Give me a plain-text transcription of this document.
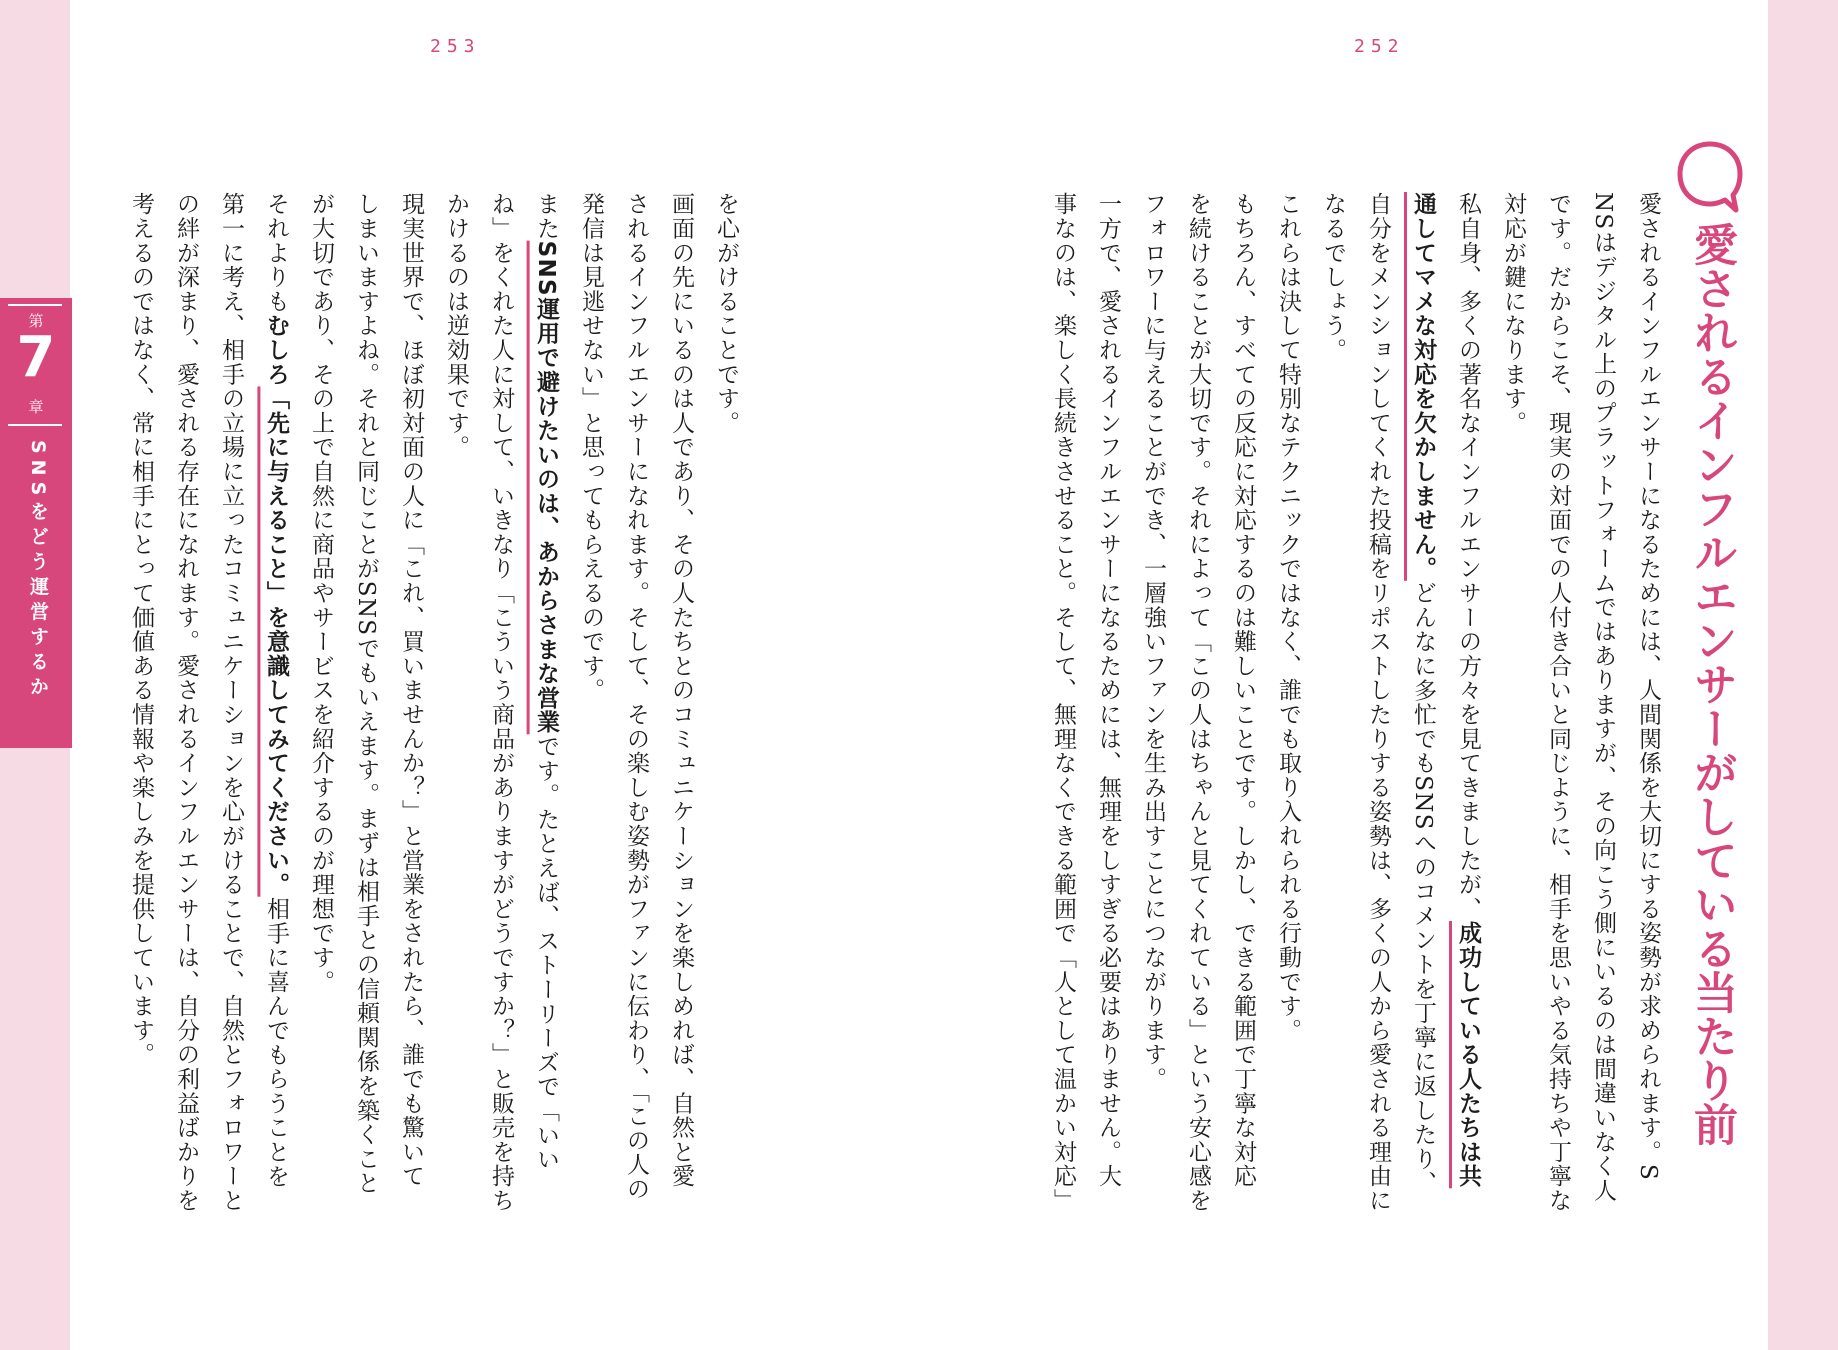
第
7
章
SNSをどう運営するか
253	252
愛されるインフルエンサーがしている当たり前
愛されるインフルエンサーになるためには、人間関係を大切にする姿勢が求められます。S
NSはデジタル上のプラットフォームではありますが、その向こう側にいるのは間違いなく人
です。だからこそ、現実の対面での人付き合いと同じように、相手を思いやる気持ちや丁寧な
対応が鍵になります。
私自身、多くの著名なインフルエンサーの方々を見てきましたが、成功している人たちは共
通してマメな対応を欠かしません。どんなに多忙でもSNSへのコメントを丁寧に返したり、
自分をメンションしてくれた投稿をリポストしたりする姿勢は、多くの人から愛される理由に
なるでしょう。
これらは決して特別なテクニックではなく、誰でも取り入れられる行動です。
もちろん、すべての反応に対応するのは難しいことです。しかし、できる範囲で丁寧な対応
を続けることが大切です。それによって「この人はちゃんと見てくれている」という安心感を
フォロワーに与えることができ、一層強いファンを生み出すことにつながります。
一方で、愛されるインフルエンサーになるためには、無理をしすぎる必要はありません。大
事なのは、楽しく長続きさせること。そして、無理なくできる範囲で「人として温かい対応」
を心がけることです。
画面の先にいるのは人であり、その人たちとのコミュニケーションを楽しめれば、自然と愛
されるインフルエンサーになれます。そして、その楽しむ姿勢がファンに伝わり、「この人の
発信は見逃せない」と思ってもらえるのです。
またSNS運用で避けたいのは、あからさまな営業です。たとえば、ストーリーズで「いい
ね」をくれた人に対して、いきなり「こういう商品がありますがどうですか？」と販売を持ち
かけるのは逆効果です。
現実世界で、ほぼ初対面の人に「これ、買いませんか？」と営業をされたら、誰でも驚いて
しまいますよね。それと同じことがSNSでもいえます。まずは相手との信頼関係を築くこと
が大切であり、その上で自然に商品やサービスを紹介するのが理想です。
それよりもむしろ「先に与えること」を意識してみてください。相手に喜んでもらうことを
第一に考え、相手の立場に立ったコミュニケーションを心がけることで、自然とフォロワーと
の絆が深まり、愛される存在になれます。愛されるインフルエンサーは、自分の利益ばかりを
考えるのではなく、常に相手にとって価値ある情報や楽しみを提供しています。
